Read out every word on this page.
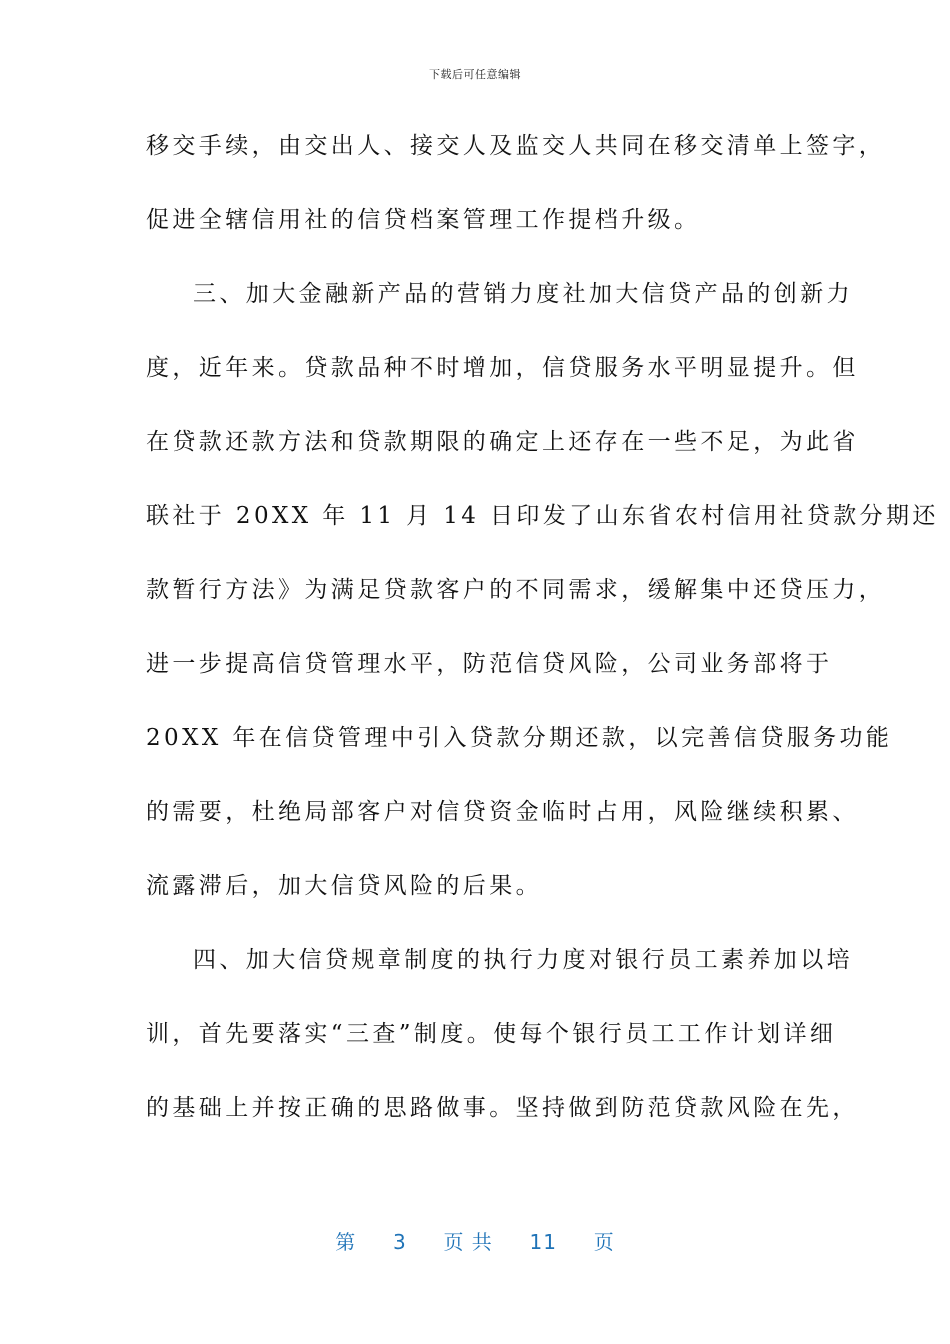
下载后可任意编辑
移交手续，由交出人、接交人及监交人共同在移交清单上签字，
促进全辖信用社的信贷档案管理工作提档升级。
三、加大金融新产品的营销力度社加大信贷产品的创新力
度，近年来。贷款品种不时增加，信贷服务水平明显提升。但
在贷款还款方法和贷款期限的确定上还存在一些不足，为此省
联社于 20XX 年 11 月 14 日印发了山东省农村信用社贷款分期还
款暂行方法》为满足贷款客户的不同需求，缓解集中还贷压力，
进一步提高信贷管理水平，防范信贷风险，公司业务部将于
20XX 年在信贷管理中引入贷款分期还款，以完善信贷服务功能
的需要，杜绝局部客户对信贷资金临时占用，风险继续积累、
流露滞后，加大信贷风险的后果。
四、加大信贷规章制度的执行力度对银行员工素养加以培
训，首先要落实“三查”制度。使每个银行员工工作计划详细
的基础上并按正确的思路做事。坚持做到防范贷款风险在先，
第 3 页 共 11 页
